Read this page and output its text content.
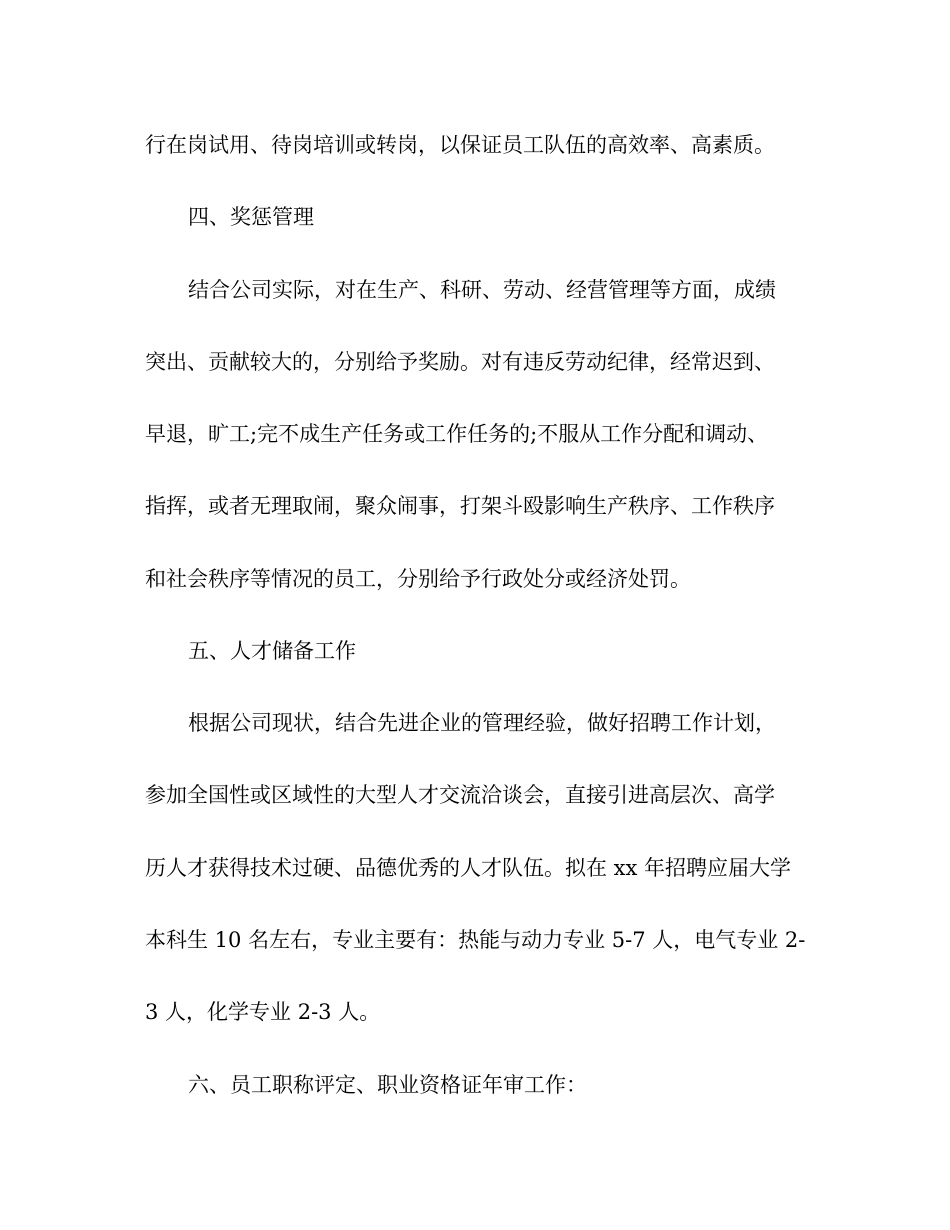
行在岗试用、待岗培训或转岗，以保证员工队伍的高效率、高素质。

四、奖惩管理

结合公司实际，对在生产、科研、劳动、经营管理等方面，成绩

突出、贡献较大的，分别给予奖励。对有违反劳动纪律，经常迟到、

早退，旷工;完不成生产任务或工作任务的;不服从工作分配和调动、

指挥，或者无理取闹，聚众闹事，打架斗殴影响生产秩序、工作秩序

和社会秩序等情况的员工，分别给予行政处分或经济处罚。

五、人才储备工作

根据公司现状，结合先进企业的管理经验，做好招聘工作计划，

参加全国性或区域性的大型人才交流洽谈会，直接引进高层次、高学

历人才获得技术过硬、品德优秀的人才队伍。拟在 xx 年招聘应届大学

本科生 10 名左右，专业主要有：热能与动力专业 5-7 人，电气专业 2-

3 人，化学专业 2-3 人。

六、员工职称评定、职业资格证年审工作：
